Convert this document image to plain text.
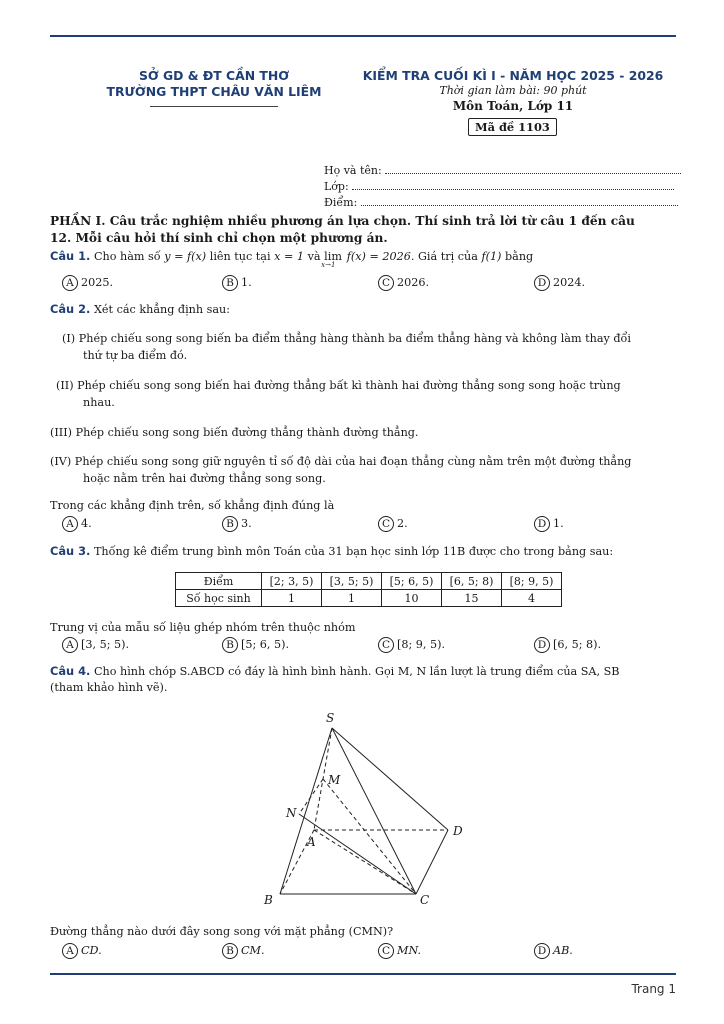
SỞ GD & ĐT CẦN THƠ
TRƯỜNG THPT CHÂU VĂN LIÊM
KIỂM TRA CUỐI KÌ I - NĂM HỌC 2025 - 2026
Thời gian làm bài: 90 phút
Môn Toán, Lớp 11
Mã đề 1103
Họ và tên:
Lớp:
Điểm:
PHẦN I. Câu trắc nghiệm nhiều phương án lựa chọn. Thí sinh trả lời từ câu 1 đến câu
12. Mỗi câu hỏi thí sinh chỉ chọn một phương án.
Câu 1. Cho hàm số y = f(x) liên tục tại x = 1 và lim
x→1
f(x) = 2026. Giá trị của f(1) bằng
A 2025.	B 1.	C 2026.	D 2024.
Câu 2. Xét các khẳng định sau:
(I) Phép chiếu song song biến ba điểm thẳng hàng thành ba điểm thẳng hàng và không làm thay đổi
thứ tự ba điểm đó.
(II) Phép chiếu song song biến hai đường thẳng bất kì thành hai đường thẳng song song hoặc trùng
nhau.
(III) Phép chiếu song song biến đường thẳng thành đường thẳng.
(IV) Phép chiếu song song giữ nguyên tỉ số độ dài của hai đoạn thẳng cùng nằm trên một đường thẳng
hoặc nằm trên hai đường thẳng song song.
Trong các khẳng định trên, số khẳng định đúng là
A 4.	B 3.	C 2.	D 1.
Câu 3. Thống kê điểm trung bình môn Toán của 31 bạn học sinh lớp 11B được cho trong bảng sau:
Điểm	[2; 3, 5)	[3, 5; 5)	[5; 6, 5)	[6, 5; 8)	[8; 9, 5)
Số học sinh	1	1	10	15	4
Trung vị của mẫu số liệu ghép nhóm trên thuộc nhóm
A [3, 5; 5).	B [5; 6, 5).	C [8; 9, 5).	D [6, 5; 8).
Câu 4. Cho hình chóp S.ABCD có đáy là hình bình hành. Gọi M, N lần lượt là trung điểm của SA, SB
(tham khảo hình vẽ).
S
M
N
A
B	C
D
Đường thẳng nào dưới đây song song với mặt phẳng (CMN)?
A CD.	B CM.	C MN.	D AB.
Trang 1
